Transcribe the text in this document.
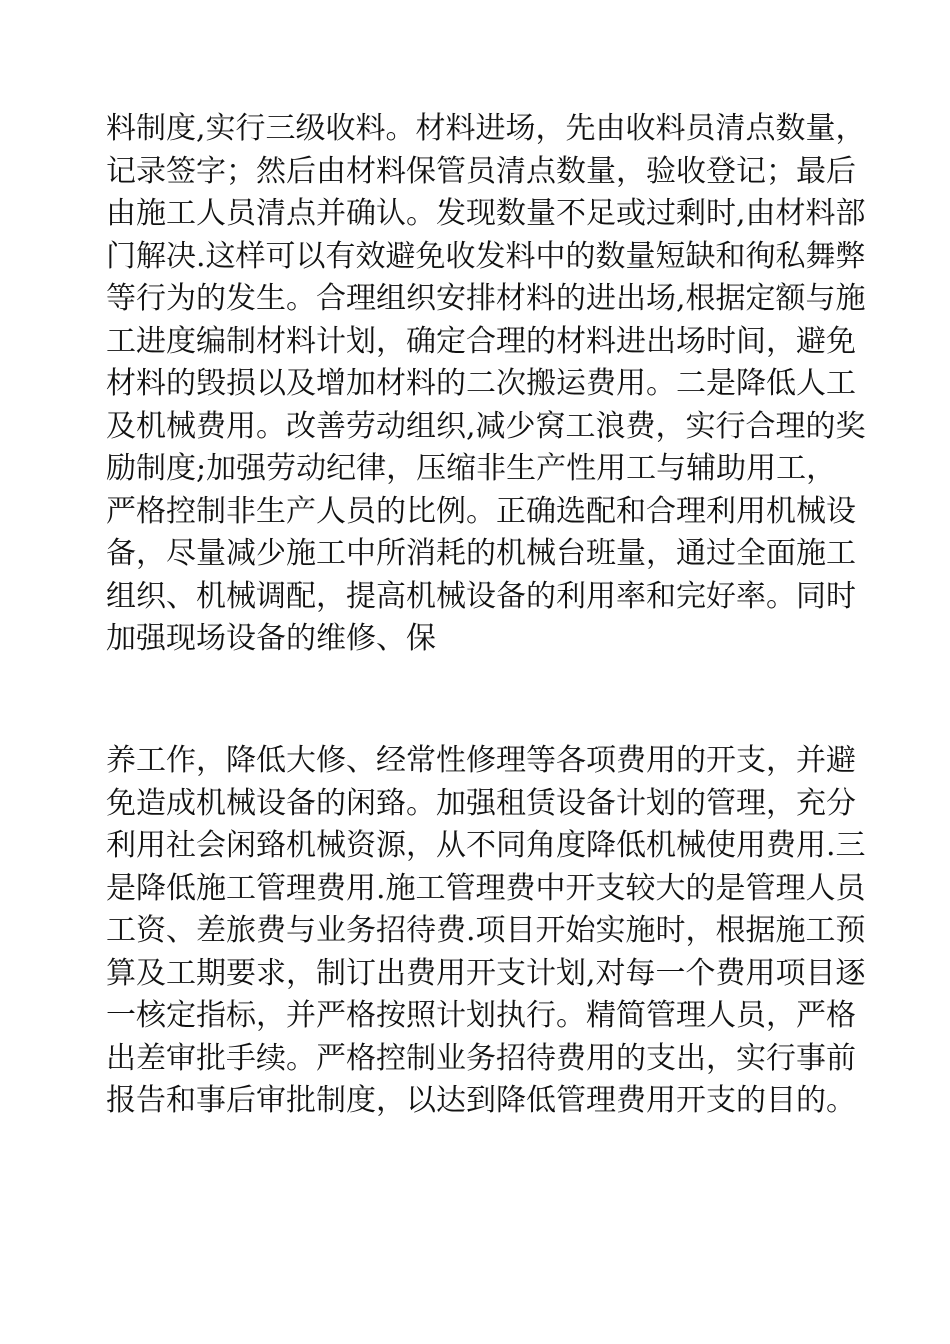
料制度,实行三级收料。材料进场，先由收料员清点数量，
记录签字；然后由材料保管员清点数量，验收登记；最后
由施工人员清点并确认。发现数量不足或过剩时,由材料部
门解决.这样可以有效避免收发料中的数量短缺和徇私舞弊
等行为的发生。合理组织安排材料的进出场,根据定额与施
工进度编制材料计划，确定合理的材料进出场时间，避免
材料的毁损以及增加材料的二次搬运费用。二是降低人工
及机械费用。改善劳动组织,减少窝工浪费，实行合理的奖
励制度;加强劳动纪律，压缩非生产性用工与辅助用工，
严格控制非生产人员的比例。正确选配和合理利用机械设
备，尽量减少施工中所消耗的机械台班量，通过全面施工
组织、机械调配，提高机械设备的利用率和完好率。同时
加强现场设备的维修、保
养工作，降低大修、经常性修理等各项费用的开支，并避
免造成机械设备的闲臵。加强租赁设备计划的管理，充分
利用社会闲臵机械资源，从不同角度降低机械使用费用.三
是降低施工管理费用.施工管理费中开支较大的是管理人员
工资、差旅费与业务招待费.项目开始实施时，根据施工预
算及工期要求，制订出费用开支计划,对每一个费用项目逐
一核定指标，并严格按照计划执行。精简管理人员，严格
出差审批手续。严格控制业务招待费用的支出，实行事前
报告和事后审批制度，以达到降低管理费用开支的目的。
